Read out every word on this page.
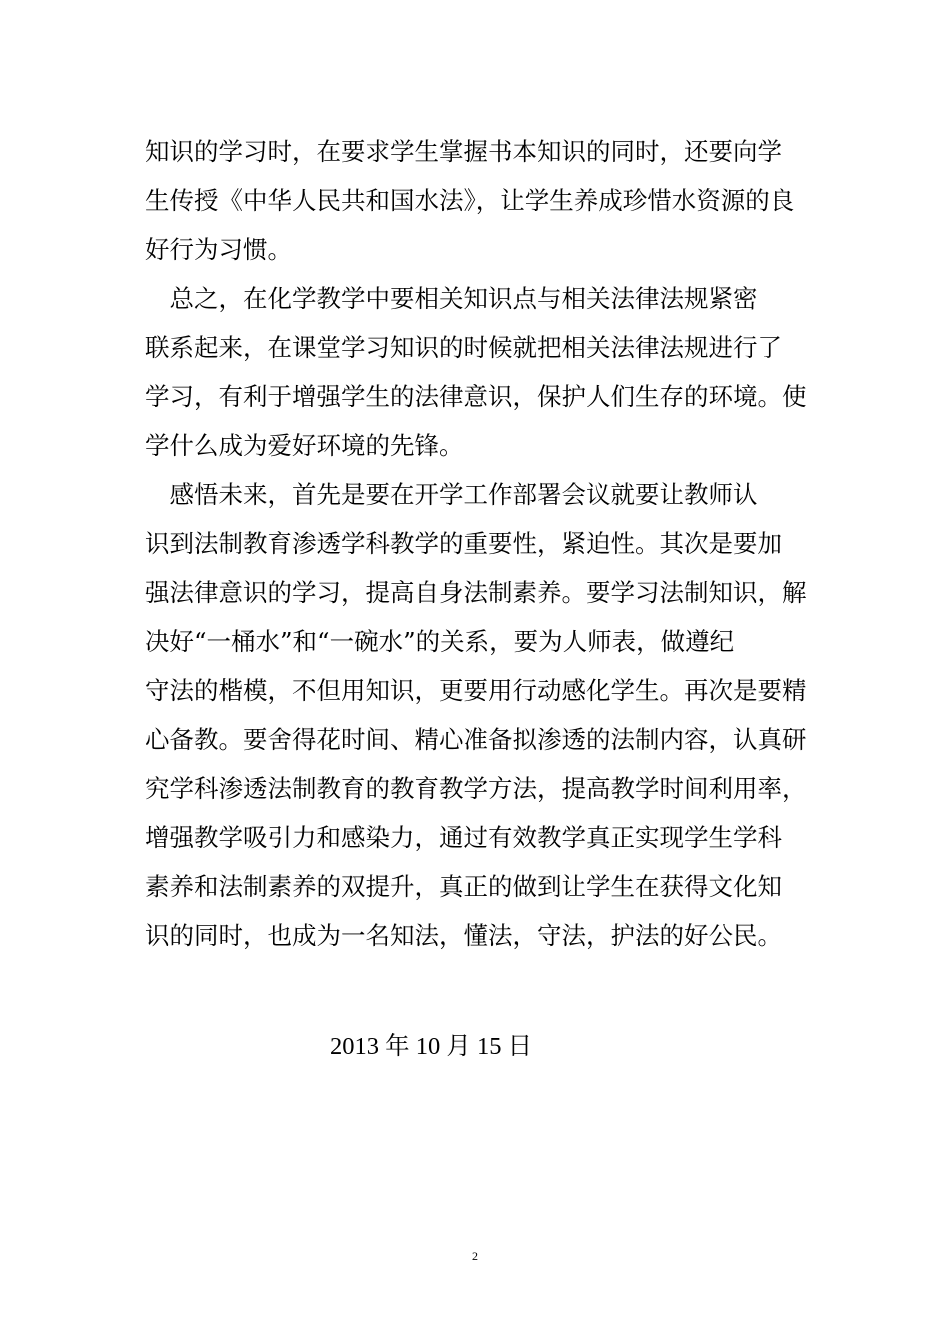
知识的学习时，在要求学生掌握书本知识的同时，还要向学
生传授《中华人民共和国水法》，让学生养成珍惜水资源的良
好行为习惯。
　总之，在化学教学中要相关知识点与相关法律法规紧密
联系起来，在课堂学习知识的时候就把相关法律法规进行了
学习，有利于增强学生的法律意识，保护人们生存的环境。使
学什么成为爱好环境的先锋。
　感悟未来，首先是要在开学工作部署会议就要让教师认
识到法制教育渗透学科教学的重要性，紧迫性。其次是要加
强法律意识的学习，提高自身法制素养。要学习法制知识，解
决好“一桶水”和“一碗水”的关系，要为人师表，做遵纪
守法的楷模，不但用知识，更要用行动感化学生。再次是要精
心备教。要舍得花时间、精心准备拟渗透的法制内容，认真研
究学科渗透法制教育的教育教学方法，提高教学时间利用率，
增强教学吸引力和感染力，通过有效教学真正实现学生学科
素养和法制素养的双提升，真正的做到让学生在获得文化知
识的同时，也成为一名知法，懂法，守法，护法的好公民。
2013 年 10 月 15 日
2
